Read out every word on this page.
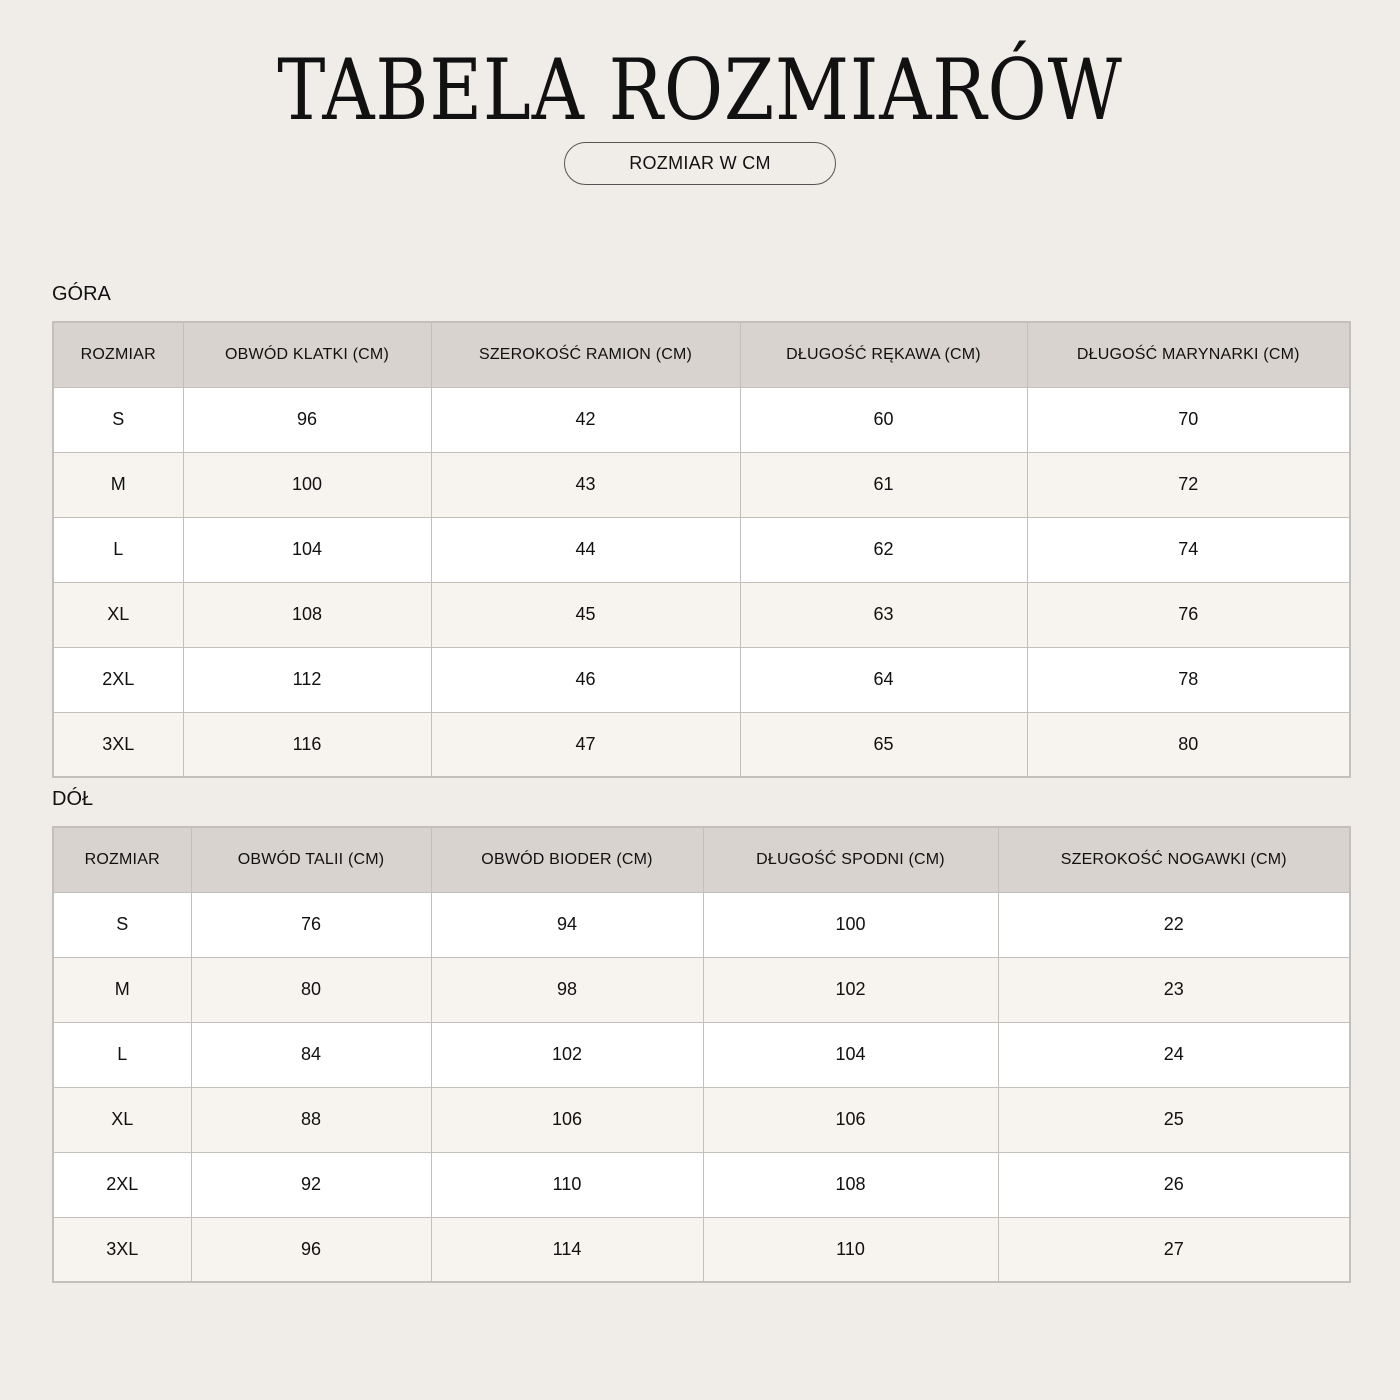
TABELA ROZMIARÓW
ROZMIAR W CM
GÓRA
ROZMIAR	OBWÓD KLATKI (CM)	SZEROKOŚĆ RAMION (CM)	DŁUGOŚĆ RĘKAWA (CM)	DŁUGOŚĆ MARYNARKI (CM)
S	96	42	60	70
M	100	43	61	72
L	104	44	62	74
XL	108	45	63	76
2XL	112	46	64	78
3XL	116	47	65	80
DÓŁ
ROZMIAR	OBWÓD TALII (CM)	OBWÓD BIODER (CM)	DŁUGOŚĆ SPODNI (CM)	SZEROKOŚĆ NOGAWKI (CM)
S	76	94	100	22
M	80	98	102	23
L	84	102	104	24
XL	88	106	106	25
2XL	92	110	108	26
3XL	96	114	110	27
